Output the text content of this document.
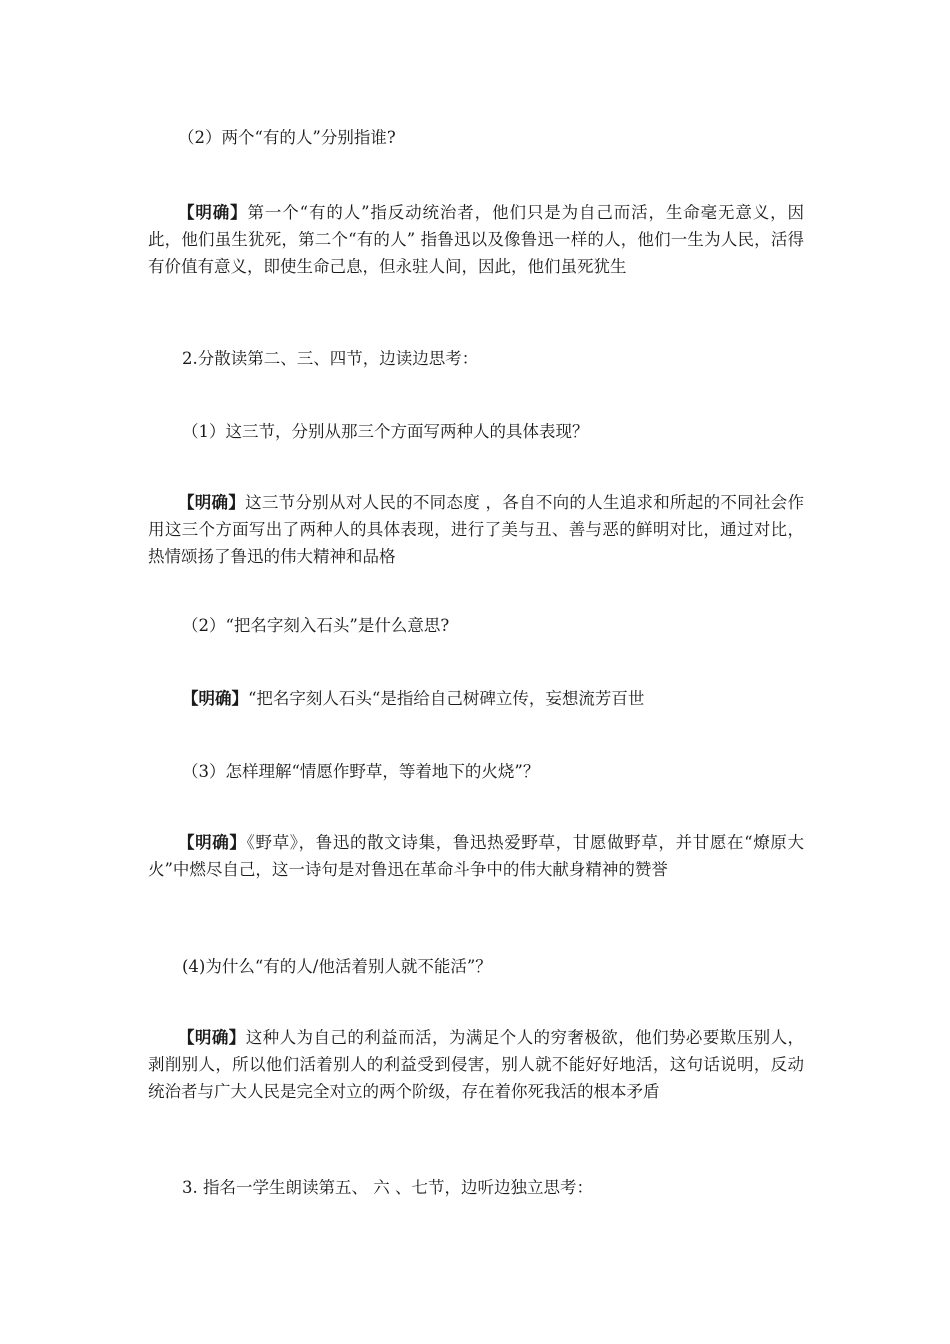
（2）两个“有的人”分别指谁?
【明确】第一个“有的人”指反动统治者，他们只是为自己而活，生命毫无意义，因此，他们虽生犹死，第二个“有的人” 指鲁迅以及像鲁迅一样的人，他们一生为人民，活得有价值有意义，即使生命己息，但永驻人间，因此，他们虽死犹生
2.分散读第二、三、四节，边读边思考：
（1）这三节，分别从那三个方面写两种人的具体表现？
【明确】这三节分别从对人民的不同态度 ，各自不向的人生追求和所起的不同社会作用这三个方面写出了两种人的具体表现，进行了美与丑、善与恶的鲜明对比，通过对比，热情颂扬了鲁迅的伟大精神和品格
（2）“把名字刻入石头”是什么意思?
【明确】“把名字刻人石头“是指给自己树碑立传，妄想流芳百世
（3）怎样理解“情愿作野草，等着地下的火烧”？
【明确】《野草》，鲁迅的散文诗集，鲁迅热爱野草，甘愿做野草，并甘愿在“燎原大火”中燃尽自己，这一诗句是对鲁迅在革命斗争中的伟大献身精神的赞誉
(4)为什么“有的人/他活着别人就不能活”？
【明确】这种人为自己的利益而活，为满足个人的穷奢极欲，他们势必要欺压别人，剥削别人，所以他们活着别人的利益受到侵害，别人就不能好好地活，这句话说明，反动统治者与广大人民是完全对立的两个阶级，存在着你死我活的根本矛盾
3. 指名一学生朗读第五、 六 、七节，边听边独立思考：
